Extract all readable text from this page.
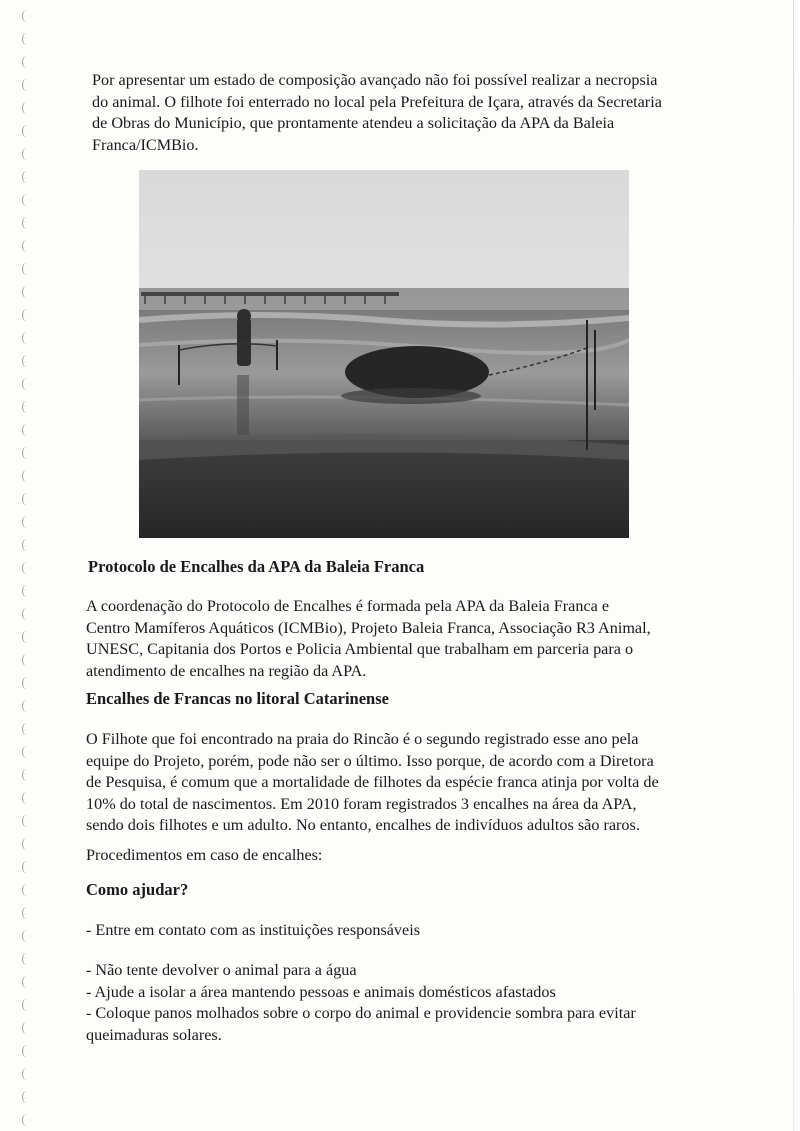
Por apresentar um estado de composição avançado não foi possível realizar a necropsia

do animal. O filhote foi enterrado no local pela Prefeitura de Içara, através da Secretaria

de Obras do Município, que prontamente atendeu a solicitação da APA da Baleia

Franca/ICMBio.

Protocolo de Encalhes da APA da Baleia Franca

A coordenação do Protocolo de Encalhes é formada pela APA da Baleia Franca e

Centro Mamíferos Aquáticos (ICMBio), Projeto Baleia Franca, Associação R3 Animal,

UNESC, Capitania dos Portos e Policia Ambiental que trabalham em parceria para o

atendimento de encalhes na região da APA.

Encalhes de Francas no litoral Catarinense

O Filhote que foi encontrado na praia do Rincão é o segundo registrado esse ano pela

equipe do Projeto, porém, pode não ser o último. Isso porque, de acordo com a Diretora

de Pesquisa, é comum que a mortalidade de filhotes da espécie franca atinja por volta de

10% do total de nascimentos. Em 2010 foram registrados 3 encalhes na área da APA,

sendo dois filhotes e um adulto. No entanto, encalhes de indivíduos adultos são raros.

Procedimentos em caso de encalhes:

Como ajudar?

- Entre em contato com as instituições responsáveis

- Não tente devolver o animal para a água

- Ajude a isolar a área mantendo pessoas e animais domésticos afastados

- Coloque panos molhados sobre o corpo do animal e providencie sombra para evitar

queimaduras solares.
